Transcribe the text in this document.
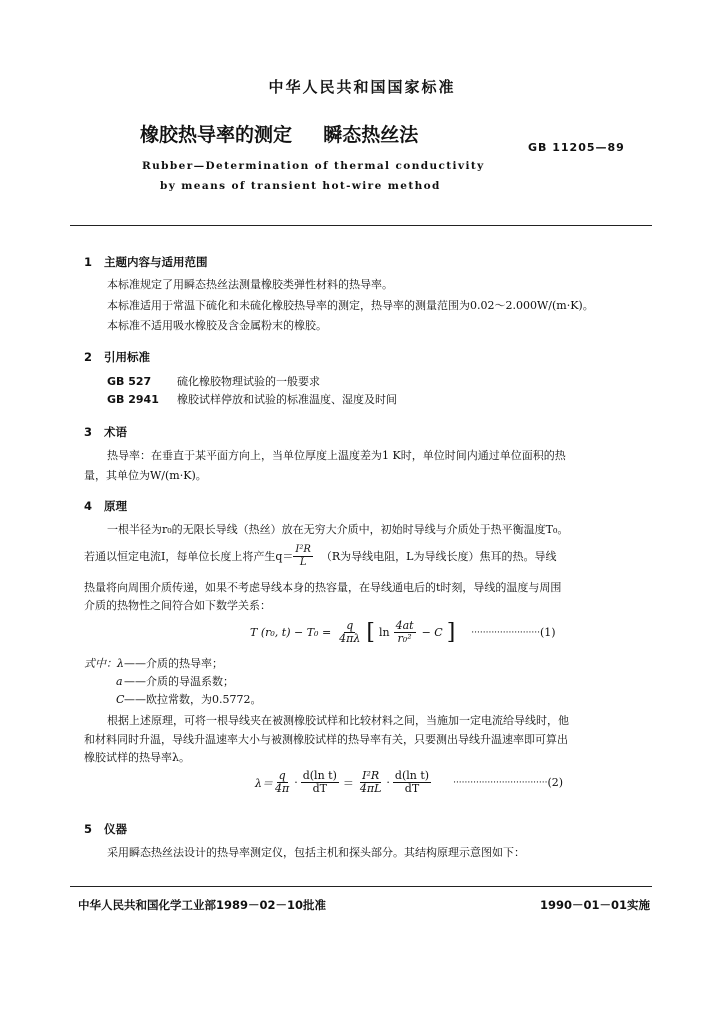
中华人民共和国国家标准
橡胶热导率的测定 瞬态热丝法
GB 11205—89
Rubber—Determination of thermal conductivity
by means of transient hot-wire method
1 主题内容与适用范围
本标准规定了用瞬态热丝法测量橡胶类弹性材料的热导率。
本标准适用于常温下硫化和未硫化橡胶热导率的测定，热导率的测量范围为0.02～2.000W/(m·K)。
本标准不适用吸水橡胶及含金属粉末的橡胶。
2 引用标准
GB 527 硫化橡胶物理试验的一般要求
GB 2941 橡胶试样停放和试验的标准温度、湿度及时间
3 术语
热导率：在垂直于某平面方向上，当单位厚度上温度差为1 K时，单位时间内通过单位面积的热
量，其单位为W/(m·K)。
4 原理
一根半径为r₀的无限长导线（热丝）放在无穷大介质中，初始时导线与介质处于热平衡温度T₀。
若通以恒定电流I，每单位长度上将产生$q= \frac{\text{I²R}}{L} (R$为导线电阻，L为导线长度）焦耳的热。导线
热量将向周围介质传递，如果不考虑导线本身的热容量，在导线通电后的t时刻，导线的温度与周围
介质的热物性之间符合如下数学关系：
T (r₀, $t) - T_0 = \frac{q}{4\pi\lambda}$ [ $\ln \frac{4at}{\text{r₀²}} - C$ ] ························ (1)
式中：λ——介质的热导率；
a——介质的导温系数；
C——欧拉常数，为0.5772。
根据上述原理，可将一根导线夹在被测橡胶试样和比较材料之间，当施加一定电流给导线时，他
和材料同时升温，导线升温速率大小与被测橡胶试样的热导率有关，只要测出导线升温速率即可算出
橡胶试样的热导率λ。
$\lambda= \frac{q}{4\pi} \cdot \frac{\text{d(ln t)}}{dT} = \frac{\text{I²R}}{4\pi L} \cdot \frac{\text{d(ln t)}}{dT}$ ································· (2)
5 仪器
采用瞬态热丝法设计的热导率测定仪，包括主机和探头部分。其结构原理示意图如下：
中华人民共和国化学工业部1989－02－10批准	1990－01－01实施
